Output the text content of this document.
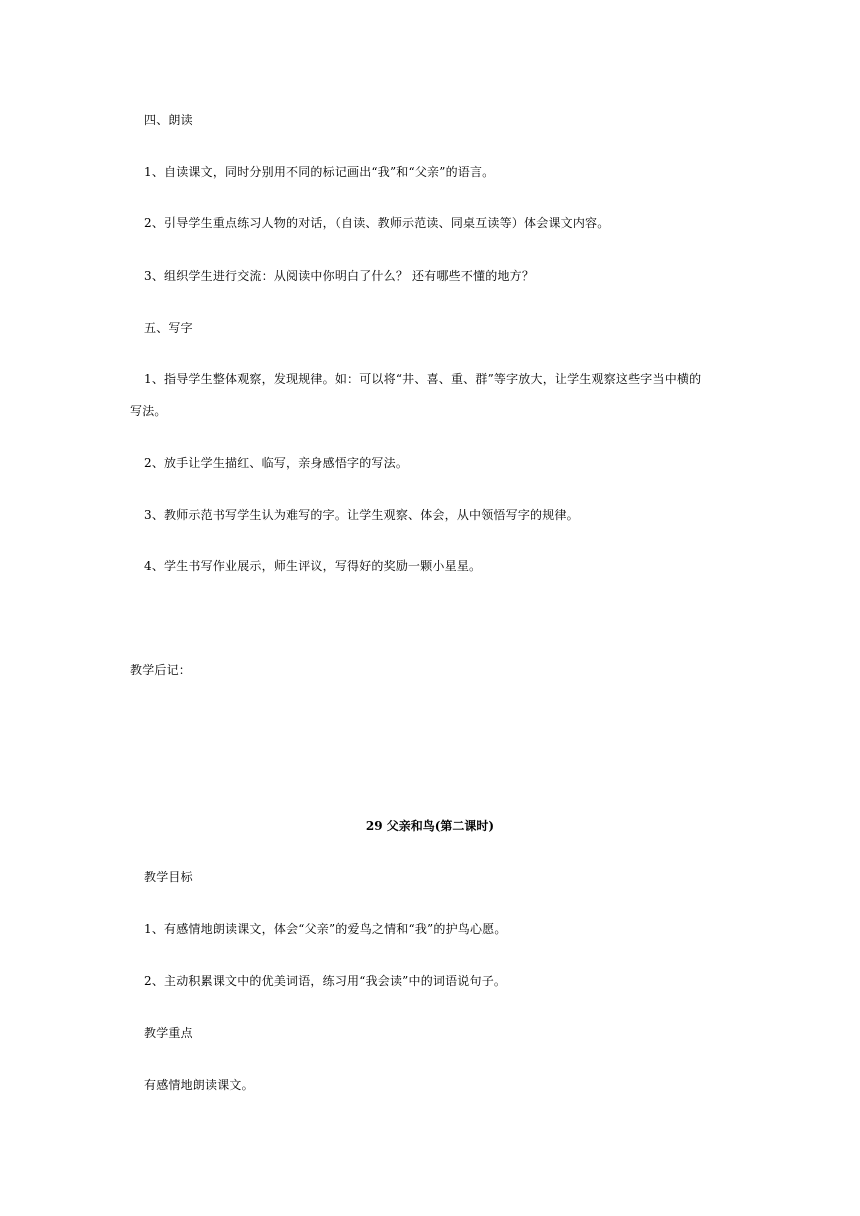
四、朗读
1、自读课文，同时分别用不同的标记画出“我”和“父亲”的语言。
2、引导学生重点练习人物的对话，（自读、教师示范读、同桌互读等）体会课文内容。
3、组织学生进行交流：从阅读中你明白了什么？ 还有哪些不懂的地方？
五、写字
1、指导学生整体观察，发现规律。如：可以将“井、喜、重、群”等字放大，让学生观察这些字当中横的
写法。
2、放手让学生描红、临写，亲身感悟字的写法。
3、教师示范书写学生认为难写的字。让学生观察、体会，从中领悟写字的规律。
4、学生书写作业展示，师生评议，写得好的奖励一颗小星星。
教学后记：
29 父亲和鸟(第二课时)
教学目标
1、有感情地朗读课文，体会“父亲”的爱鸟之情和“我”的护鸟心愿。
2、主动积累课文中的优美词语，练习用“我会读”中的词语说句子。
教学重点
有感情地朗读课文。
